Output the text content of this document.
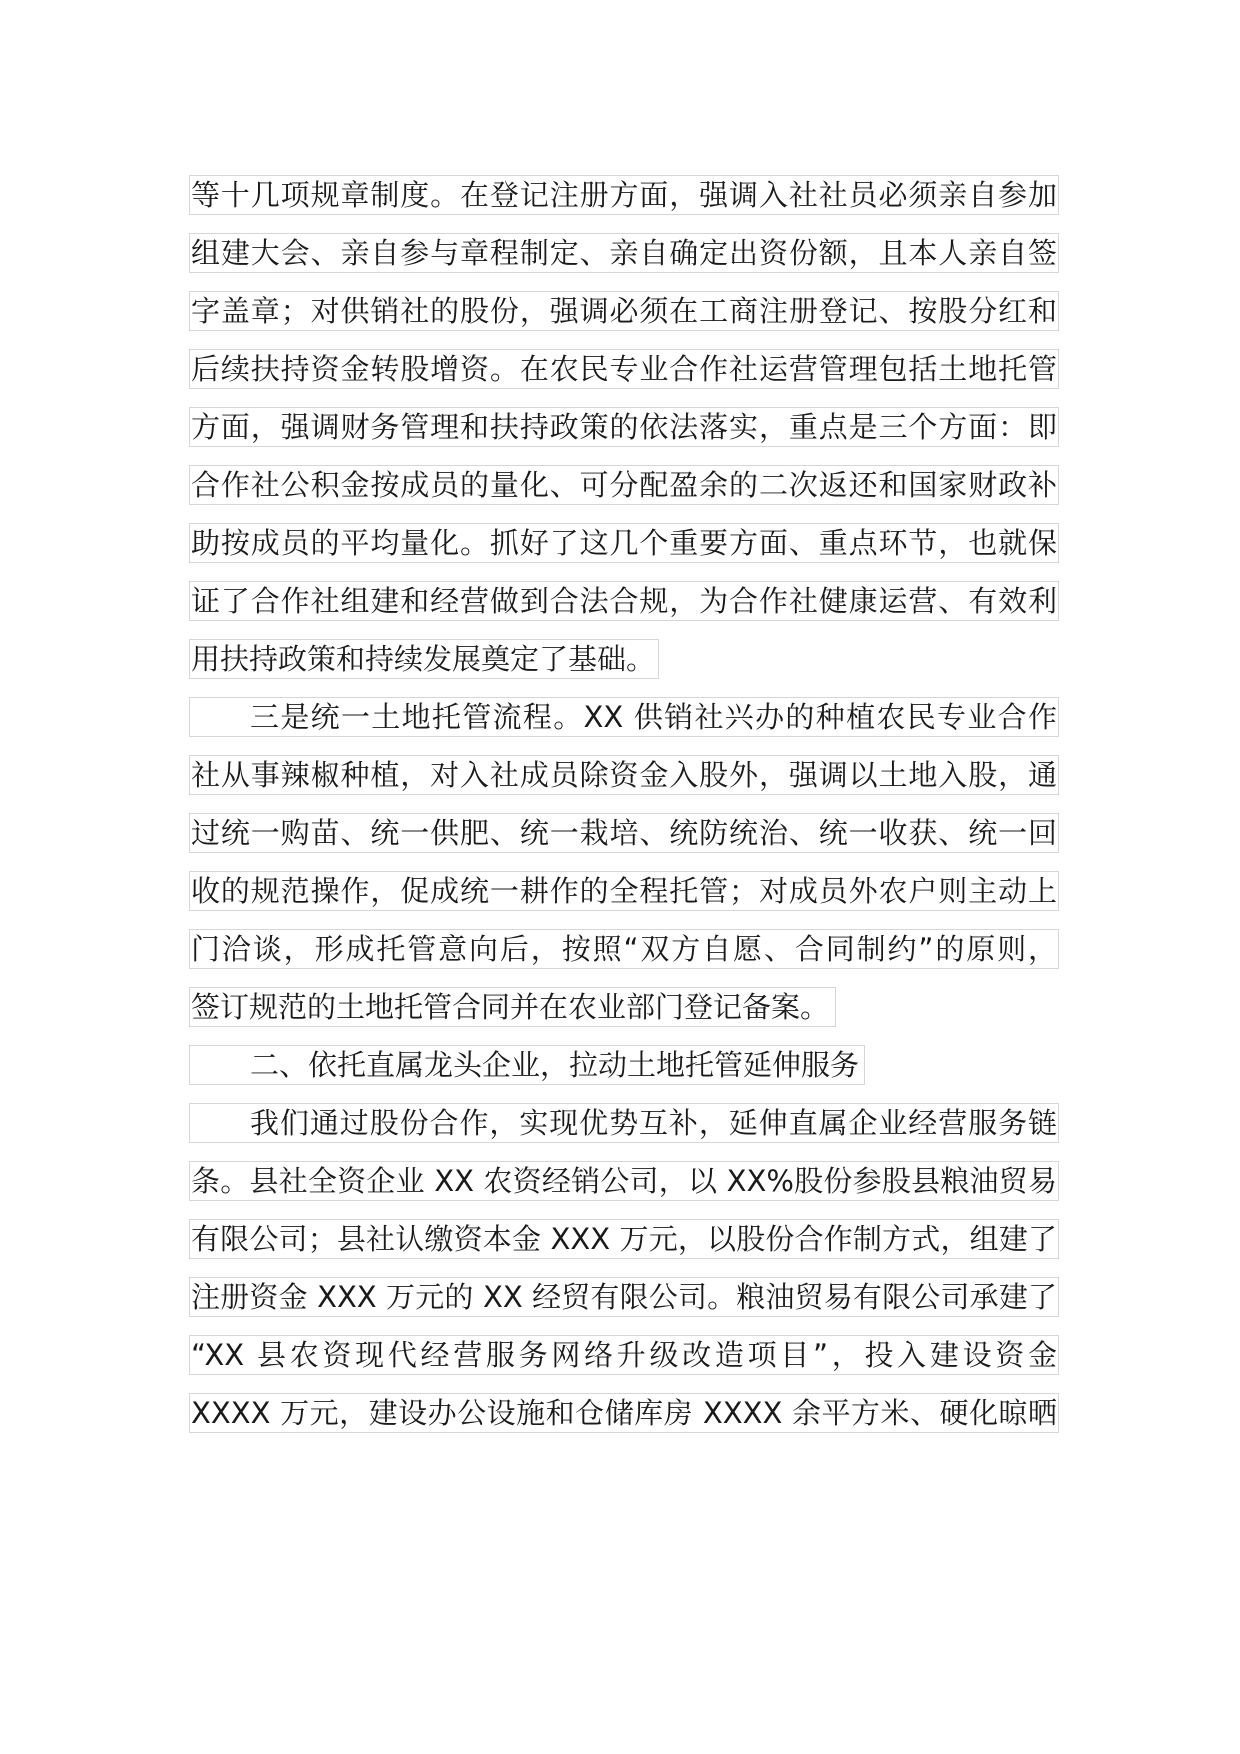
等十几项规章制度。在登记注册方面，强调入社社员必须亲自参加
组建大会、亲自参与章程制定、亲自确定出资份额，且本人亲自签
字盖章；对供销社的股份，强调必须在工商注册登记、按股分红和
后续扶持资金转股增资。在农民专业合作社运营管理包括土地托管
方面，强调财务管理和扶持政策的依法落实，重点是三个方面：即
合作社公积金按成员的量化、可分配盈余的二次返还和国家财政补
助按成员的平均量化。抓好了这几个重要方面、重点环节，也就保
证了合作社组建和经营做到合法合规，为合作社健康运营、有效利
用扶持政策和持续发展奠定了基础。
三是统一土地托管流程。XX 供销社兴办的种植农民专业合作
社从事辣椒种植，对入社成员除资金入股外，强调以土地入股，通
过统一购苗、统一供肥、统一栽培、统防统治、统一收获、统一回
收的规范操作，促成统一耕作的全程托管；对成员外农户则主动上
门洽谈，形成托管意向后，按照“双方自愿、合同制约”的原则，
签订规范的土地托管合同并在农业部门登记备案。
二、依托直属龙头企业，拉动土地托管延伸服务
我们通过股份合作，实现优势互补，延伸直属企业经营服务链
条。县社全资企业 XX 农资经销公司，以 XX%股份参股县粮油贸易
有限公司；县社认缴资本金 XXX 万元，以股份合作制方式，组建了
注册资金 XXX 万元的 XX 经贸有限公司。粮油贸易有限公司承建了
“XX 县农资现代经营服务网络升级改造项目”，投入建设资金
XXXX 万元，建设办公设施和仓储库房 XXXX 余平方米、硬化晾晒
